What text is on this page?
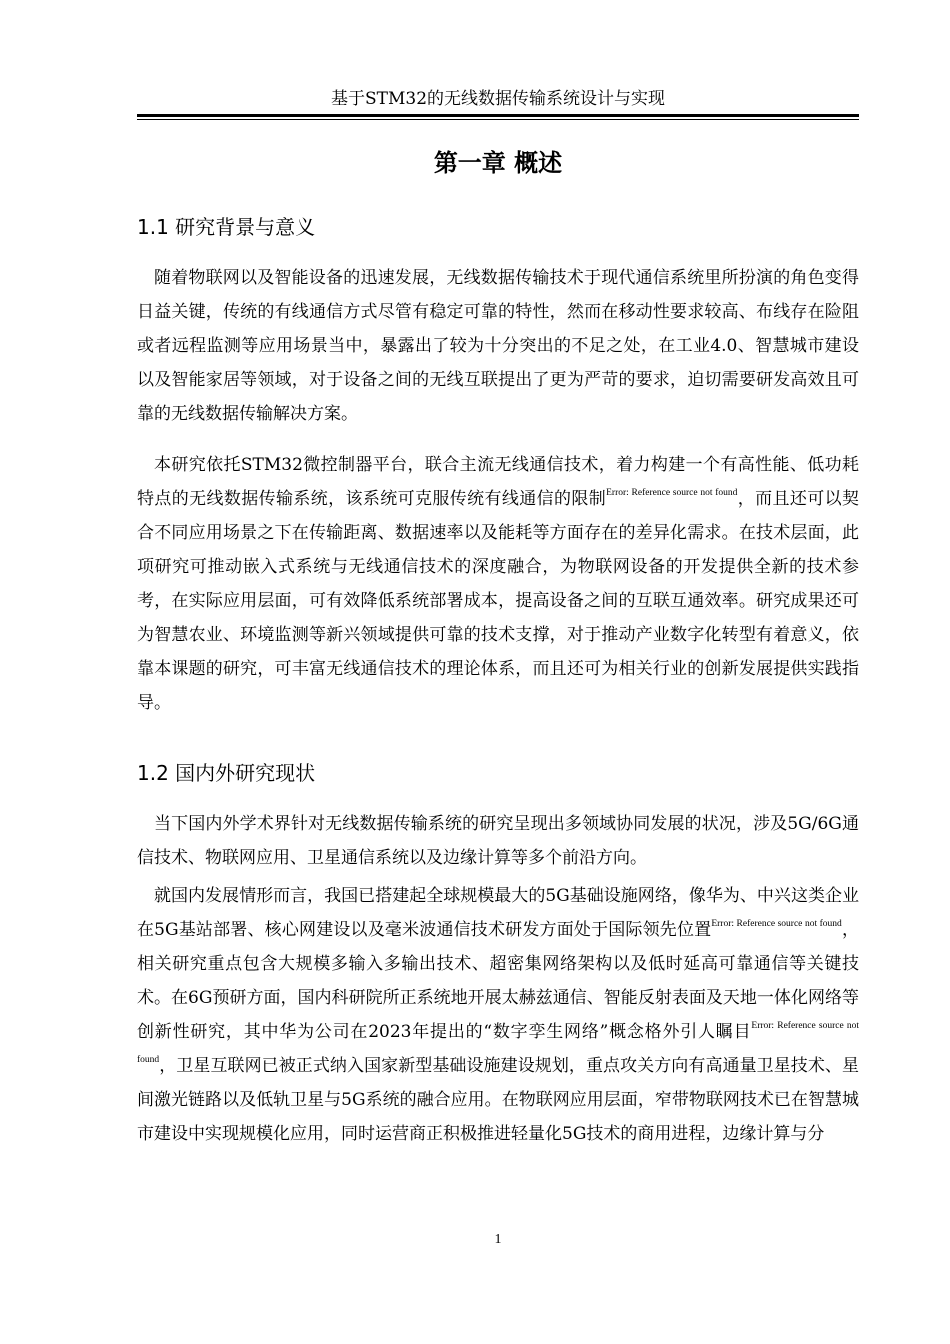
基于STM32的无线数据传输系统设计与实现
第一章 概述
1.1 研究背景与意义

随着物联网以及智能设备的迅速发展，无线数据传输技术于现代通信系统里所扮演的角色变得日益关键，传统的有线通信方式尽管有稳定可靠的特性，然而在移动性要求较高、布线存在险阻或者远程监测等应用场景当中，暴露出了较为十分突出的不足之处，在工业4.0、智慧城市建设以及智能家居等领域，对于设备之间的无线互联提出了更为严苛的要求，迫切需要研发高效且可靠的无线数据传输解决方案。

本研究依托STM32微控制器平台，联合主流无线通信技术，着力构建一个有高性能、低功耗特点的无线数据传输系统，该系统可克服传统有线通信的限制$^{Error: Reference source not found}$，而且还可以契合不同应用场景之下在传输距离、数据速率以及能耗等方面存在的差异化需求。在技术层面，此项研究可推动嵌入式系统与无线通信技术的深度融合，为物联网设备的开发提供全新的技术参考，在实际应用层面，可有效降低系统部署成本，提高设备之间的互联互通效率。研究成果还可为智慧农业、环境监测等新兴领域提供可靠的技术支撑，对于推动产业数字化转型有着意义，依靠本课题的研究，可丰富无线通信技术的理论体系，而且还可为相关行业的创新发展提供实践指导。

1.2 国内外研究现状

当下国内外学术界针对无线数据传输系统的研究呈现出多领域协同发展的状况，涉及5G/6G通信技术、物联网应用、卫星通信系统以及边缘计算等多个前沿方向。

就国内发展情形而言，我国已搭建起全球规模最大的5G基础设施网络，像华为、中兴这类企业在5G基站部署、核心网建设以及毫米波通信技术研发方面处于国际领先位置$^{Error: Reference source not found}$，相关研究重点包含大规模多输入多输出技术、超密集网络架构以及低时延高可靠通信等关键技术。在6G预研方面，国内科研院所正系统地开展太赫兹通信、智能反射表面及天地一体化网络等创新性研究，其中华为公司在2023年提出的“数字孪生网络”概念格外引人瞩目$^{Error: Reference source not found}$，卫星互联网已被正式纳入国家新型基础设施建设规划，重点攻关方向有高通量卫星技术、星间激光链路以及低轨卫星与5G系统的融合应用。在物联网应用层面，窄带物联网技术已在智慧城市建设中实现规模化应用，同时运营商正积极推进轻量化5G技术的商用进程，边缘计算与分

1
